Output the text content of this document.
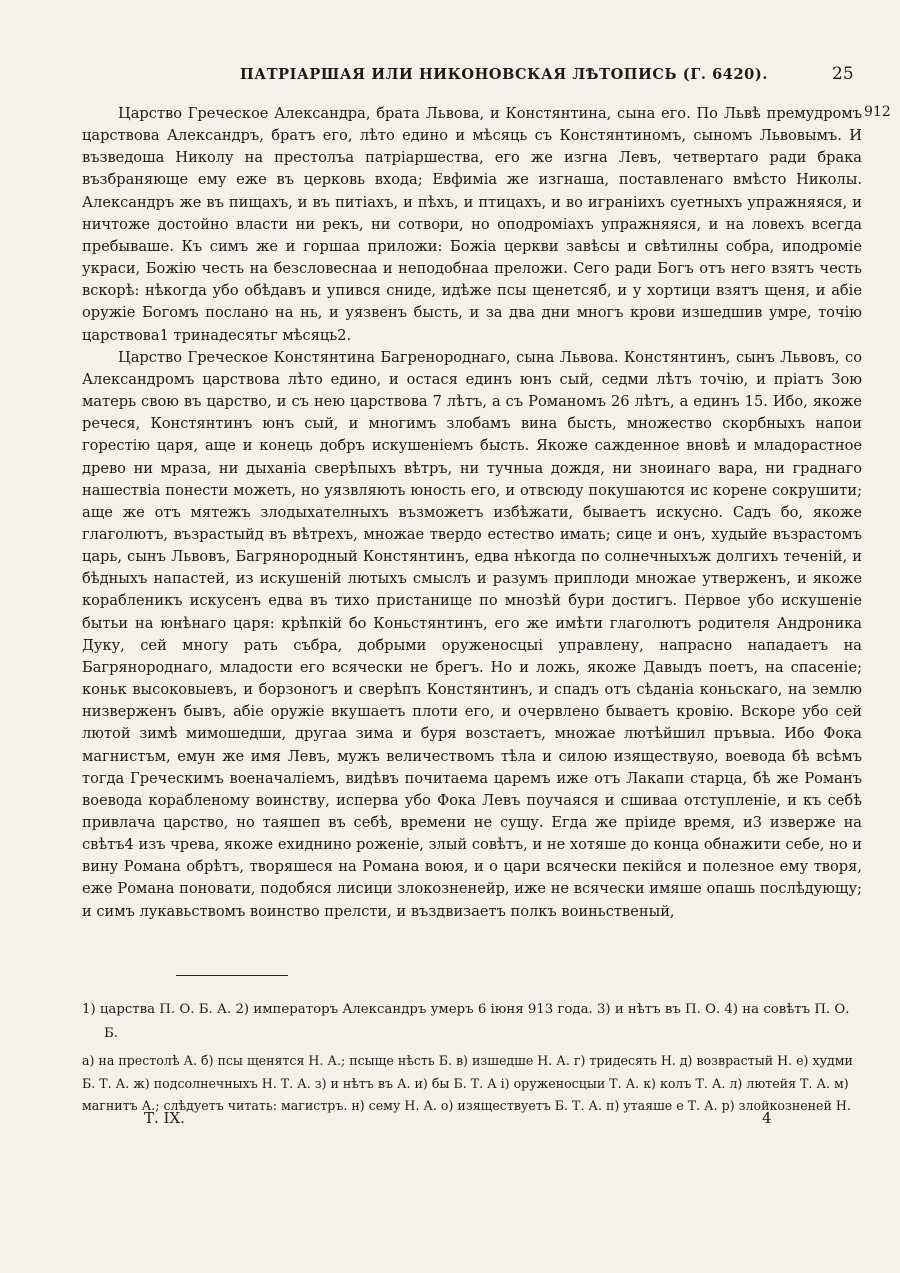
ПАТРІАРШАЯ ИЛИ НИКОНОВСКАЯ ЛѢТОПИСЬ (Г. 6420).	25
912

Царство Греческое Александра, брата Львова, и Констянтина, сына его. По Львѣ премудромъ царствова Александръ, братъ его, лѣто едино и мѣсяць съ Констянтиномъ, сыномъ Львовымъ. И възведоша Николу на престолъа патріаршества, его же изгна Левъ, четвертаго ради брака възбраняюще ему еже въ церковь входа; Евфиміа же изгнаша, поставленаго вмѣсто Николы. Александръ же въ пищахъ, и въ питіахъ, и пѣхъ, и птицахъ, и во играніихъ суетныхъ упражняяся, и ничтоже достойно власти ни рекъ, ни сотвори, но оподроміахъ упражняяся, и на ловехъ всегда пребываше. Къ симъ же и горшаа приложи: Божіа церкви завѣсы и свѣтилны собра, иподроміе украси, Божію честь на безсловеснаа и неподобнаа преложи. Сего ради Богъ отъ него взятъ честь вскорѣ: нѣкогда убо обѣдавъ и упився сниде, идѣже псы щенетсяб, и у хортици взятъ щеня, и абіе оружіе Богомъ послано на нь, и уязвенъ бысть, и за два дни многъ крови изшедшив умре, точію царствова1 тринадесятьг мѣсяць2.

Царство Греческое Констянтина Багренороднаго, сына Львова. Констянтинъ, сынъ Львовъ, со Александромъ царствова лѣто едино, и остася единъ юнъ сый, седми лѣтъ точію, и пріатъ Зою матерь свою въ царство, и съ нею царствова 7 лѣтъ, а съ Романомъ 26 лѣтъ, а единъ 15. Ибо, якоже речеся, Констянтинъ юнъ сый, и многимъ злобамъ вина бысть, множество скорбныхъ напои горестію царя, аще и конець добръ искушеніемъ бысть. Якоже сажденное вновѣ и младорастное древо ни мраза, ни дыханіа сверѣпыхъ вѣтръ, ни тучныа дождя, ни зноинаго вара, ни граднаго нашествіа понести можеть, но уязвляють юность его, и отвсюду покушаются ис корене сокрушити; аще же отъ мятежъ злодыхателныхъ възможетъ избѣжати, бываетъ искусно. Садъ бо, якоже глаголютъ, възрастыйд въ вѣтрехъ, множае твердо естество имать; сице и онъ, худыйе възрастомъ царь, сынъ Львовъ, Багрянородный Констянтинъ, едва нѣкогда по солнечныхъж долгихъ теченій, и бѣдныхъ напастей, из искушеній лютыхъ смыслъ и разумъ приплоди множае утверженъ, и якоже корабленикъ искусенъ едва въ тихо пристанище по мнозѣй бури достигъ. Первое убо искушеніе бытьи на юнѣнаго царя: крѣпкій бо Коньстянтинъ, его же имѣти глаголютъ родителя Андроника Дуку, сей многу рать събра, добрыми оруженосцыі управлену, напрасно нападаетъ на Багрянороднаго, младости его всячески не брегъ. Но и ложь, якоже Давыдъ поетъ, на спасеніе; коньк высоковыевъ, и борзоногъ и сверѣпъ Констянтинъ, и спадъ отъ сѣданіа коньскаго, на землю низверженъ бывъ, абіе оружіе вкушаетъ плоти его, и очервлено бываетъ кровію. Вскоре убо сей лютой зимѣ мимошедши, другаа зима и буря возстаетъ, множае лютѣйшил пръвыа. Ибо Фока магнистъм, емун же имя Левъ, мужъ величествомъ тѣла и силою изяществуяо, воевода бѣ всѣмъ тогда Греческимъ военачаліемъ, видѣвъ почитаема царемъ иже отъ Лакапи старца, бѣ же Романъ воевода корабленому воинству, исперва убо Фока Левъ поучаяся и сшиваа отступленіе, и къ себѣ привлача царство, но таяшеп въ себѣ, времени не сущу. Егда же пріиде время, и3 изверже на свѣтъ4 изъ чрева, якоже ехиднино роженіе, злый совѣтъ, и не хотяше до конца обнажити себе, но и вину Романа обрѣтъ, творяшеся на Романа воюя, и о цари всячески пекійся и полезное ему творя, еже Романа поновати, подобяся лисици злокозненейр, иже не всячески имяше опашь послѣдующу; и симъ лукавьствомъ воинство прелсти, и въздвизаетъ полкъ воиньственый,

1) царства П. О. Б. А. 2) императоръ Александръ умеръ 6 іюня 913 года. 3) и нѣтъ въ П. О. 4) на совѣтъ П. О. Б.

а) на престолѣ А. б) псы щенятся Н. А.; псыще нѣсть Б. в) изшедше Н. А. г) тридесять Н. д) возврастый Н. е) худми Б. Т. А. ж) подсолнечныхъ Н. Т. А. з) и нѣтъ въ А. и) бы Б. Т. А і) оруженосцыи Т. А. к) колъ Т. А. л) лютейя Т. А. м) магнитъ А.; слѣдуетъ читать: магистръ. н) сему Н. А. о) изяществуетъ Б. Т. А. п) утаяше е Т. А. р) злойкозненей Н.

Т. IX.	4
